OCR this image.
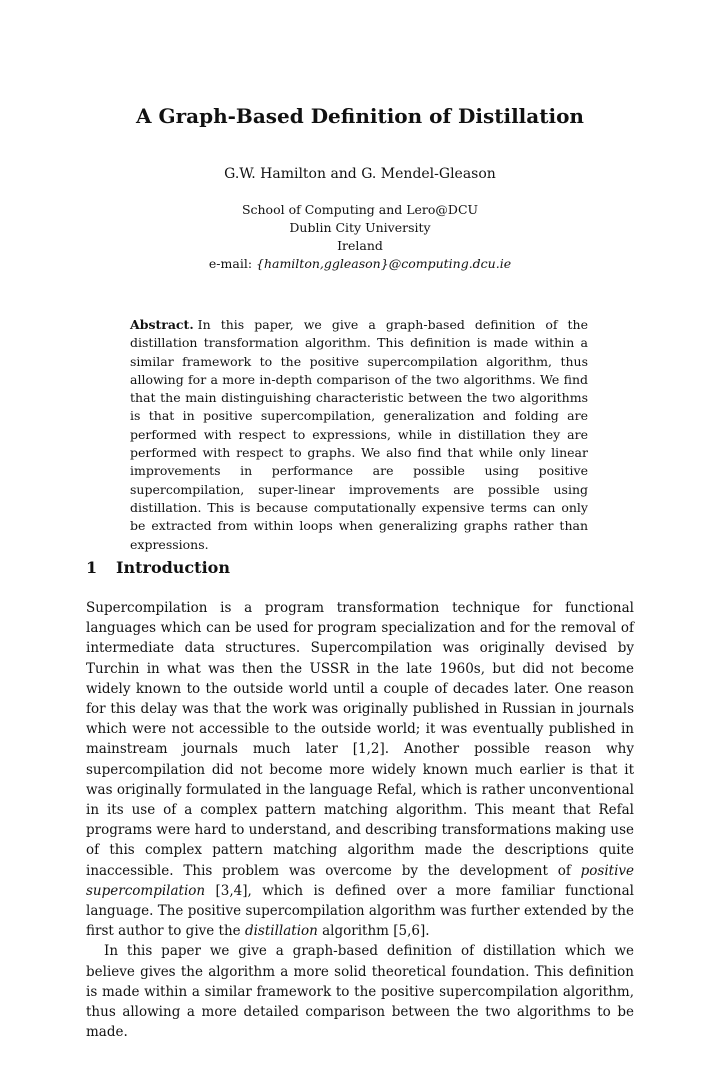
A Graph-Based Definition of Distillation
G.W. Hamilton and G. Mendel-Gleason
School of Computing and Lero@DCU
Dublin City University
Ireland
e-mail: {hamilton,ggleason}@computing.dcu.ie
Abstract. In this paper, we give a graph-based definition of the distillation transformation algorithm. This definition is made within a similar framework to the positive supercompilation algorithm, thus allowing for a more in-depth comparison of the two algorithms. We find that the main distinguishing characteristic between the two algorithms is that in positive supercompilation, generalization and folding are performed with respect to expressions, while in distillation they are performed with respect to graphs. We also find that while only linear improvements in performance are possible using positive supercompilation, super-linear improvements are possible using distillation. This is because computationally expensive terms can only be extracted from within loops when generalizing graphs rather than expressions.
1 Introduction

Supercompilation is a program transformation technique for functional languages which can be used for program specialization and for the removal of intermediate data structures. Supercompilation was originally devised by Turchin in what was then the USSR in the late 1960s, but did not become widely known to the outside world until a couple of decades later. One reason for this delay was that the work was originally published in Russian in journals which were not accessible to the outside world; it was eventually published in mainstream journals much later [1,2]. Another possible reason why supercompilation did not become more widely known much earlier is that it was originally formulated in the language Refal, which is rather unconventional in its use of a complex pattern matching algorithm. This meant that Refal programs were hard to understand, and describing transformations making use of this complex pattern matching algorithm made the descriptions quite inaccessible. This problem was overcome by the development of positive supercompilation [3,4], which is defined over a more familiar functional language. The positive supercompilation algorithm was further extended by the first author to give the distillation algorithm [5,6].

In this paper we give a graph-based definition of distillation which we believe gives the algorithm a more solid theoretical foundation. This definition is made within a similar framework to the positive supercompilation algorithm, thus allowing a more detailed comparison between the two algorithms to be made.
